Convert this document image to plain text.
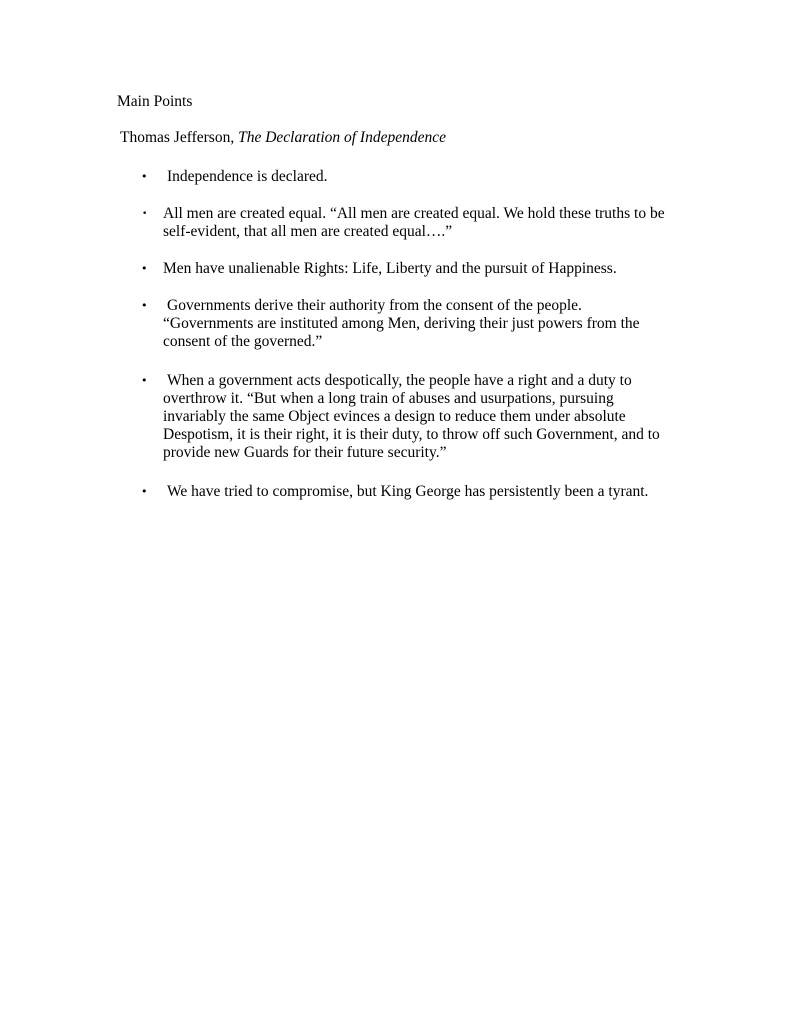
Main Points
Thomas Jefferson, The Declaration of Independence
• Independence is declared.
• All men are created equal. “All men are created equal. We hold these truths to be self-evident, that all men are created equal….”
• Men have unalienable Rights: Life, Liberty and the pursuit of Happiness.
• Governments derive their authority from the consent of the people. “Governments are instituted among Men, deriving their just powers from the consent of the governed.”
• When a government acts despotically, the people have a right and a duty to overthrow it. “But when a long train of abuses and usurpations, pursuing invariably the same Object evinces a design to reduce them under absolute Despotism, it is their right, it is their duty, to throw off such Government, and to provide new Guards for their future security.”
• We have tried to compromise, but King George has persistently been a tyrant.
